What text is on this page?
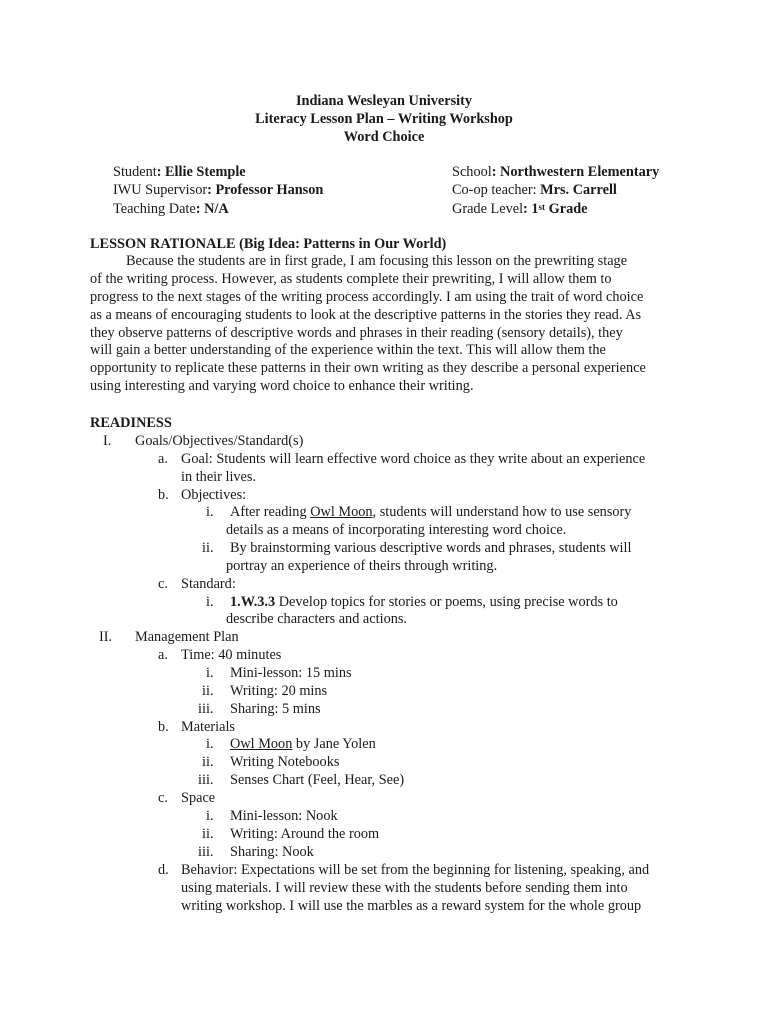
Indiana Wesleyan University
Literacy Lesson Plan – Writing Workshop
Word Choice
Student: Ellie Stemple
IWU Supervisor: Professor Hanson
Teaching Date: N/A
School: Northwestern Elementary
Co-op teacher: Mrs. Carrell
Grade Level: 1st Grade
LESSON RATIONALE (Big Idea: Patterns in Our World)
Because the students are in first grade, I am focusing this lesson on the prewriting stage
of the writing process. However, as students complete their prewriting, I will allow them to
progress to the next stages of the writing process accordingly. I am using the trait of word choice
as a means of encouraging students to look at the descriptive patterns in the stories they read. As
they observe patterns of descriptive words and phrases in their reading (sensory details), they
will gain a better understanding of the experience within the text. This will allow them the
opportunity to replicate these patterns in their own writing as they describe a personal experience
using interesting and varying word choice to enhance their writing.
READINESS
I. Goals/Objectives/Standard(s)
a. Goal: Students will learn effective word choice as they write about an experience
in their lives.
b. Objectives:
i. After reading Owl Moon, students will understand how to use sensory
details as a means of incorporating interesting word choice.
ii. By brainstorming various descriptive words and phrases, students will
portray an experience of theirs through writing.
c. Standard:
i. 1.W.3.3 Develop topics for stories or poems, using precise words to
describe characters and actions.
II. Management Plan
a. Time: 40 minutes
i. Mini-lesson: 15 mins
ii. Writing: 20 mins
iii. Sharing: 5 mins
b. Materials
i. Owl Moon by Jane Yolen
ii. Writing Notebooks
iii. Senses Chart (Feel, Hear, See)
c. Space
i. Mini-lesson: Nook
ii. Writing: Around the room
iii. Sharing: Nook
d. Behavior: Expectations will be set from the beginning for listening, speaking, and
using materials. I will review these with the students before sending them into
writing workshop. I will use the marbles as a reward system for the whole group
